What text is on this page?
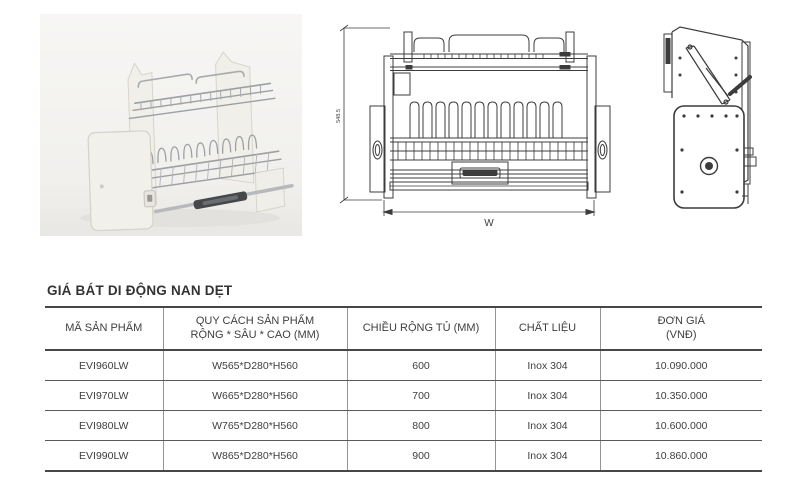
548.5
W
GIÁ BÁT DI ĐỘNG NAN DẸT
MÃ SẢN PHẨM	QUY CÁCH SẢN PHẨM
RỘNG * SÂU * CAO (MM)	CHIỀU RỘNG TỦ (MM)	CHẤT LIỆU	ĐƠN GIÁ
(VNĐ)

EVI960LW	W565*D280*H560	600	Inox 304	10.090.000
EVI970LW	W665*D280*H560	700	Inox 304	10.350.000
EVI980LW	W765*D280*H560	800	Inox 304	10.600.000
EVI990LW	W865*D280*H560	900	Inox 304	10.860.000
